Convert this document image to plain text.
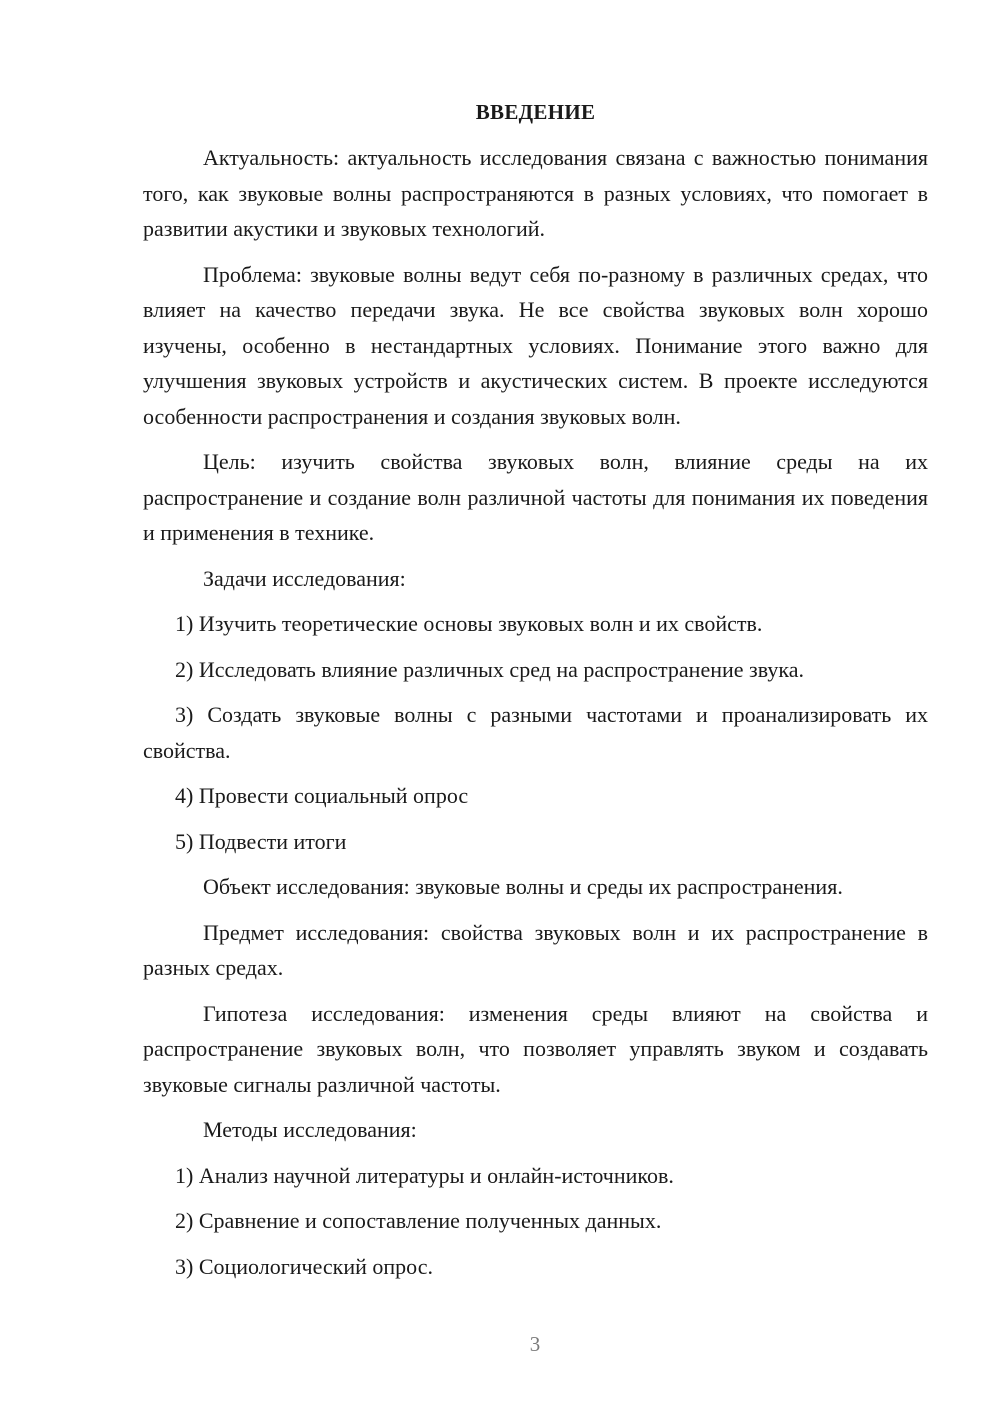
ВВЕДЕНИЕ

Актуальность: актуальность исследования связана с важностью понимания того, как звуковые волны распространяются в разных условиях, что помогает в развитии акустики и звуковых технологий.

Проблема: звуковые волны ведут себя по-разному в различных средах, что влияет на качество передачи звука. Не все свойства звуковых волн хорошо изучены, особенно в нестандартных условиях. Понимание этого важно для улучшения звуковых устройств и акустических систем. В проекте исследуются особенности распространения и создания звуковых волн.

Цель: изучить свойства звуковых волн, влияние среды на их распространение и создание волн различной частоты для понимания их поведения и применения в технике.

Задачи исследования:

1) Изучить теоретические основы звуковых волн и их свойств.

2) Исследовать влияние различных сред на распространение звука.

3) Создать звуковые волны с разными частотами и проанализировать их свойства.

4) Провести социальный опрос

5) Подвести итоги

Объект исследования: звуковые волны и среды их распространения.

Предмет исследования: свойства звуковых волн и их распространение в разных средах.

Гипотеза исследования: изменения среды влияют на свойства и распространение звуковых волн, что позволяет управлять звуком и создавать звуковые сигналы различной частоты.

Методы исследования:

1) Анализ научной литературы и онлайн-источников.

2) Сравнение и сопоставление полученных данных.

3) Социологический опрос.

3
